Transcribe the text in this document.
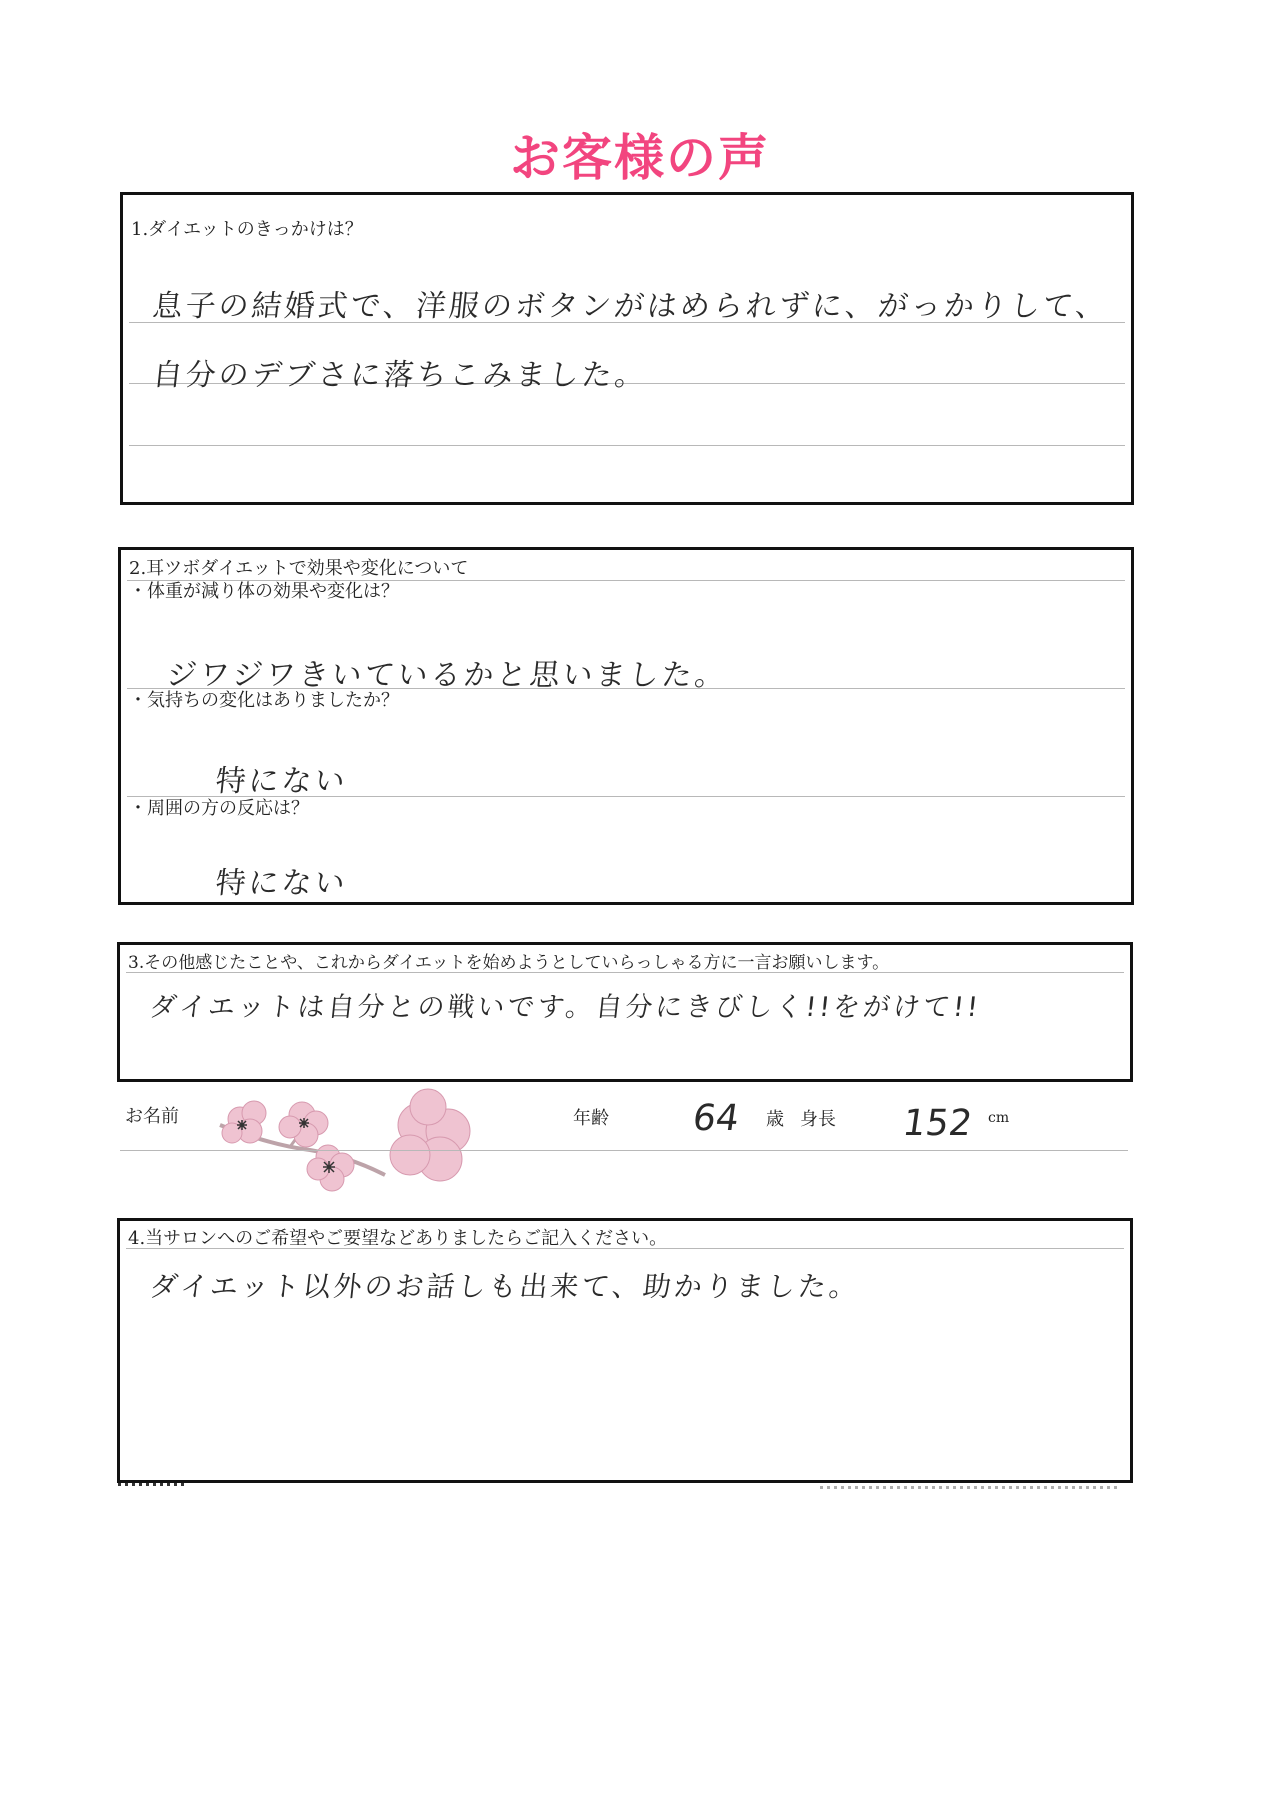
お客様の声
1.ダイエットのきっかけは？
息子の結婚式で、洋服のボタンがはめられずに、がっかりして、
自分のデブさに落ちこみました。
2.耳ツボダイエットで効果や変化について
・体重が減り体の効果や変化は？
ジワジワきいているかと思いました。
・気持ちの変化はありましたか？
特にない
・周囲の方の反応は？
特にない
3.その他感じたことや、これからダイエットを始めようとしていらっしゃる方に一言お願いします。
ダイエットは自分との戦いです。自分にきびしく!!をがけて!!
お名前	年齢 64 歳 身長 152 cm
4.当サロンへのご希望やご要望などありましたらご記入ください。
ダイエット以外のお話しも出来て、助かりました。
